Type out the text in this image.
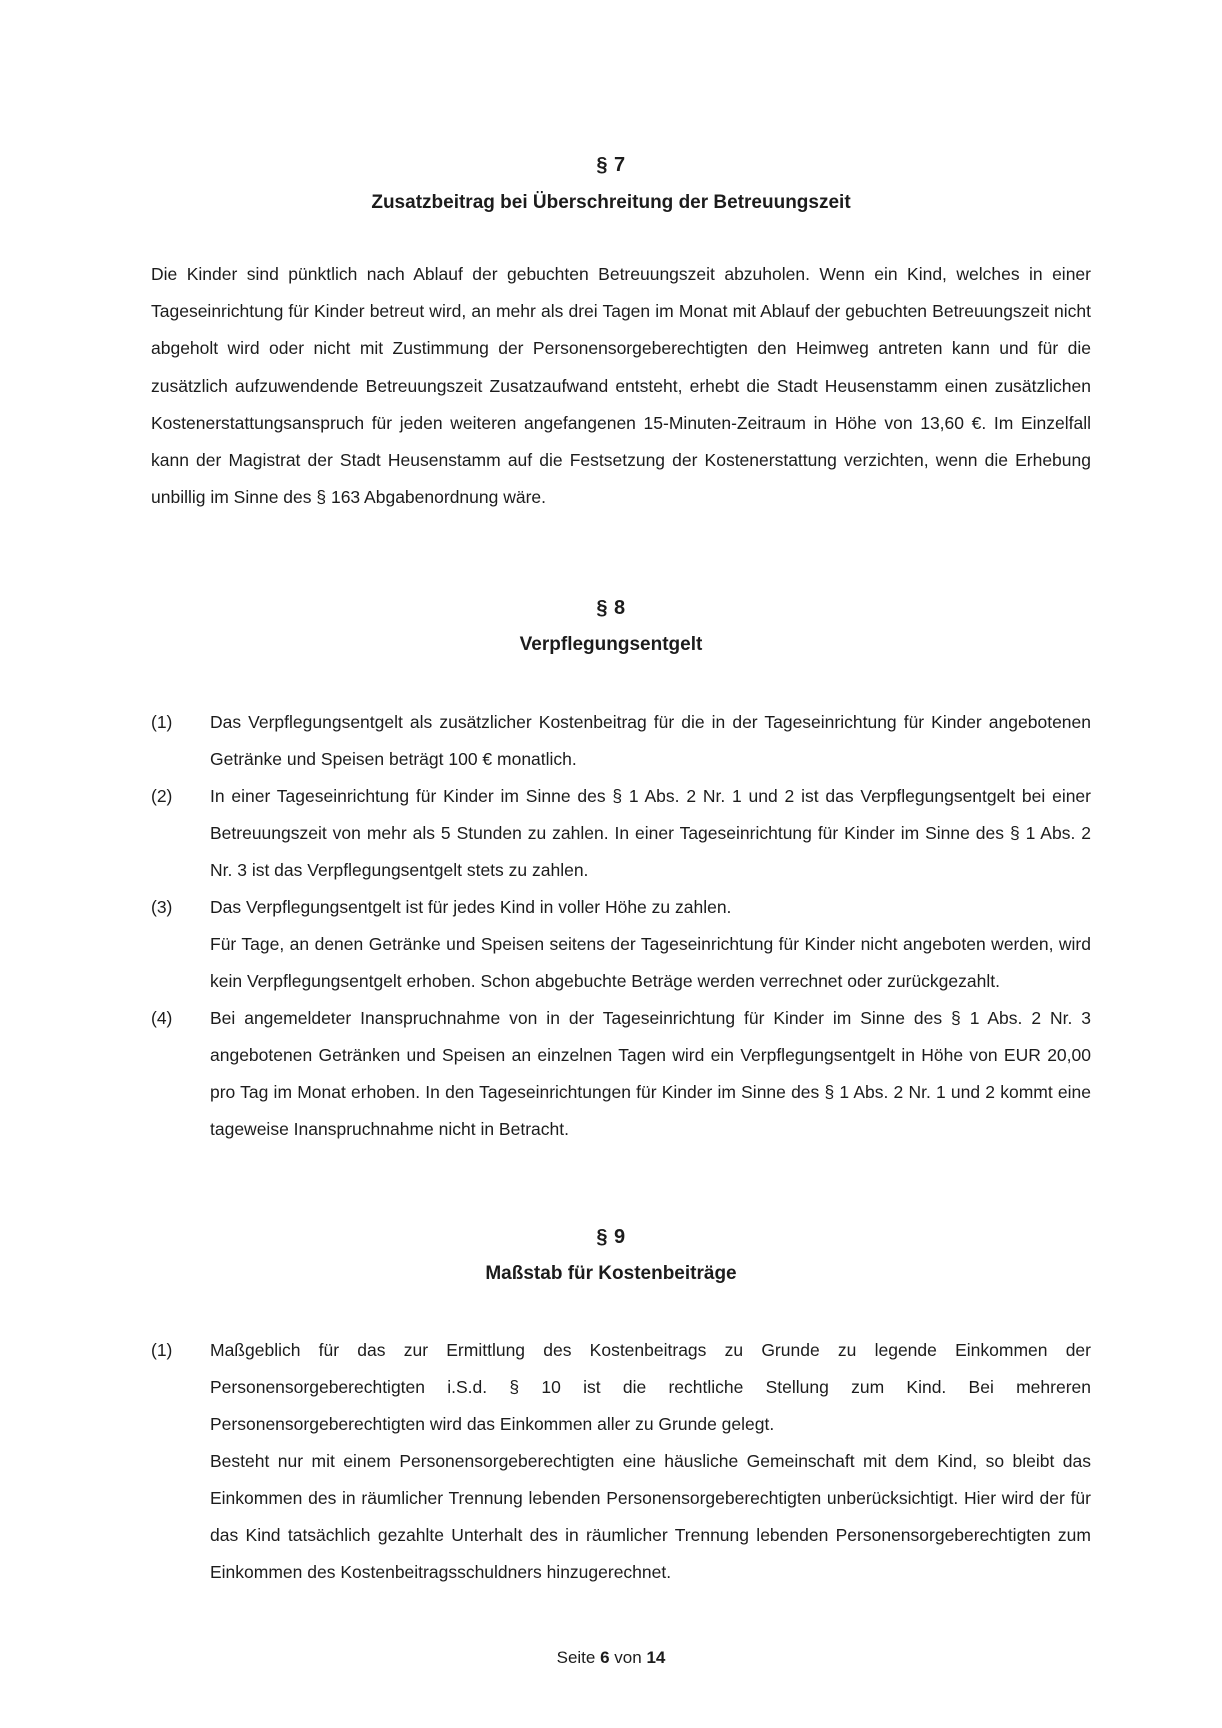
§ 7
Zusatzbeitrag bei Überschreitung der Betreuungszeit

Die Kinder sind pünktlich nach Ablauf der gebuchten Betreuungszeit abzuholen. Wenn ein Kind, welches in einer Tageseinrichtung für Kinder betreut wird, an mehr als drei Tagen im Monat mit Ablauf der gebuchten Betreuungszeit nicht abgeholt wird oder nicht mit Zustimmung der Personensorgeberechtigten den Heimweg antreten kann und für die zusätzlich aufzuwendende Betreuungszeit Zusatzaufwand entsteht, erhebt die Stadt Heusenstamm einen zusätzlichen Kostenerstattungsanspruch für jeden weiteren angefangenen 15-Minuten-Zeitraum in Höhe von 13,60 €. Im Einzelfall kann der Magistrat der Stadt Heusenstamm auf die Festsetzung der Kostenerstattung verzichten, wenn die Erhebung unbillig im Sinne des § 163 Abgabenordnung wäre.

§ 8
Verpflegungsentgelt
(1) Das Verpflegungsentgelt als zusätzlicher Kostenbeitrag für die in der Tageseinrichtung für Kinder angebotenen Getränke und Speisen beträgt 100 € monatlich.

(2) In einer Tageseinrichtung für Kinder im Sinne des § 1 Abs. 2 Nr. 1 und 2 ist das Verpflegungsentgelt bei einer Betreuungszeit von mehr als 5 Stunden zu zahlen. In einer Tageseinrichtung für Kinder im Sinne des § 1 Abs. 2 Nr. 3 ist das Verpflegungsentgelt stets zu zahlen.

(3) Das Verpflegungsentgelt ist für jedes Kind in voller Höhe zu zahlen.
Für Tage, an denen Getränke und Speisen seitens der Tageseinrichtung für Kinder nicht angeboten werden, wird kein Verpflegungsentgelt erhoben. Schon abgebuchte Beträge werden verrechnet oder zurückgezahlt.

(4) Bei angemeldeter Inanspruchnahme von in der Tageseinrichtung für Kinder im Sinne des § 1 Abs. 2 Nr. 3 angebotenen Getränken und Speisen an einzelnen Tagen wird ein Verpflegungsentgelt in Höhe von EUR 20,00 pro Tag im Monat erhoben. In den Tageseinrichtungen für Kinder im Sinne des § 1 Abs. 2 Nr. 1 und 2 kommt eine tageweise Inanspruchnahme nicht in Betracht.

§ 9
Maßstab für Kostenbeiträge
(1) Maßgeblich für das zur Ermittlung des Kostenbeitrags zu Grunde zu legende Einkommen der Personensorgeberechtigten i.S.d. § 10 ist die rechtliche Stellung zum Kind. Bei mehreren Personensorgeberechtigten wird das Einkommen aller zu Grunde gelegt.
Besteht nur mit einem Personensorgeberechtigten eine häusliche Gemeinschaft mit dem Kind, so bleibt das Einkommen des in räumlicher Trennung lebenden Personensorgeberechtigten unberücksichtigt. Hier wird der für das Kind tatsächlich gezahlte Unterhalt des in räumlicher Trennung lebenden Personensorgeberechtigten zum Einkommen des Kostenbeitragsschuldners hinzugerechnet.

Seite 6 von 14
